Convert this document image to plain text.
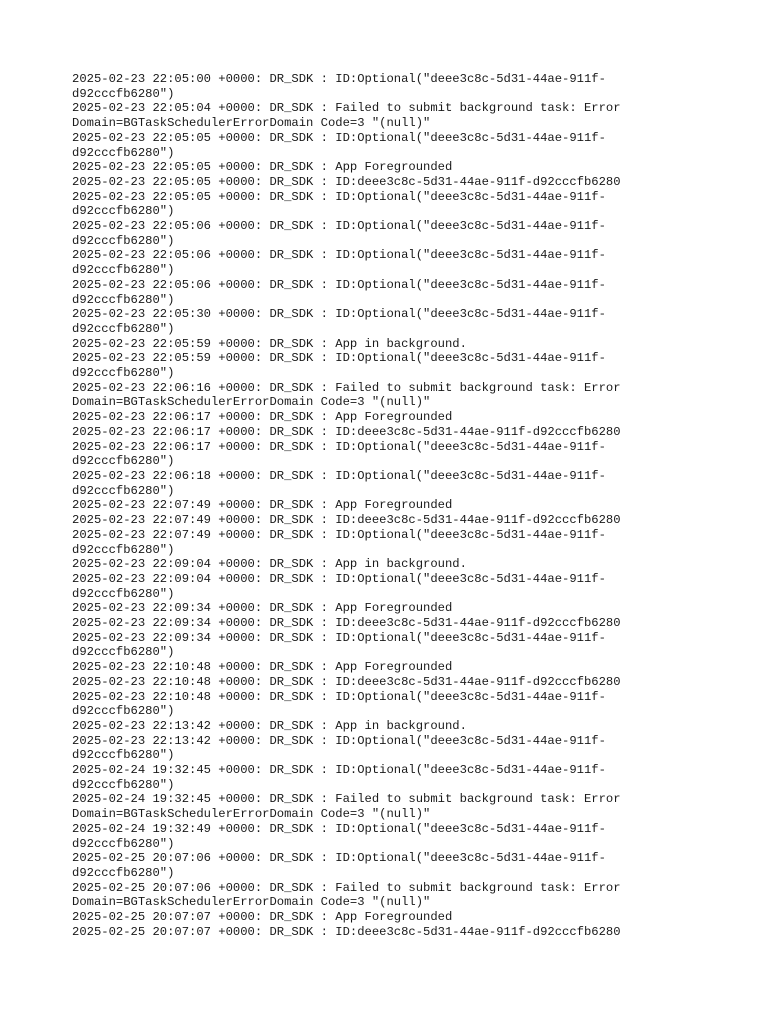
2025-02-23 22:05:00 +0000: DR_SDK : ID:Optional("deee3c8c-5d31-44ae-911f-
d92cccfb6280")
2025-02-23 22:05:04 +0000: DR_SDK : Failed to submit background task: Error
Domain=BGTaskSchedulerErrorDomain Code=3 "(null)"
2025-02-23 22:05:05 +0000: DR_SDK : ID:Optional("deee3c8c-5d31-44ae-911f-
d92cccfb6280")
2025-02-23 22:05:05 +0000: DR_SDK : App Foregrounded
2025-02-23 22:05:05 +0000: DR_SDK : ID:deee3c8c-5d31-44ae-911f-d92cccfb6280
2025-02-23 22:05:05 +0000: DR_SDK : ID:Optional("deee3c8c-5d31-44ae-911f-
d92cccfb6280")
2025-02-23 22:05:06 +0000: DR_SDK : ID:Optional("deee3c8c-5d31-44ae-911f-
d92cccfb6280")
2025-02-23 22:05:06 +0000: DR_SDK : ID:Optional("deee3c8c-5d31-44ae-911f-
d92cccfb6280")
2025-02-23 22:05:06 +0000: DR_SDK : ID:Optional("deee3c8c-5d31-44ae-911f-
d92cccfb6280")
2025-02-23 22:05:30 +0000: DR_SDK : ID:Optional("deee3c8c-5d31-44ae-911f-
d92cccfb6280")
2025-02-23 22:05:59 +0000: DR_SDK : App in background.
2025-02-23 22:05:59 +0000: DR_SDK : ID:Optional("deee3c8c-5d31-44ae-911f-
d92cccfb6280")
2025-02-23 22:06:16 +0000: DR_SDK : Failed to submit background task: Error
Domain=BGTaskSchedulerErrorDomain Code=3 "(null)"
2025-02-23 22:06:17 +0000: DR_SDK : App Foregrounded
2025-02-23 22:06:17 +0000: DR_SDK : ID:deee3c8c-5d31-44ae-911f-d92cccfb6280
2025-02-23 22:06:17 +0000: DR_SDK : ID:Optional("deee3c8c-5d31-44ae-911f-
d92cccfb6280")
2025-02-23 22:06:18 +0000: DR_SDK : ID:Optional("deee3c8c-5d31-44ae-911f-
d92cccfb6280")
2025-02-23 22:07:49 +0000: DR_SDK : App Foregrounded
2025-02-23 22:07:49 +0000: DR_SDK : ID:deee3c8c-5d31-44ae-911f-d92cccfb6280
2025-02-23 22:07:49 +0000: DR_SDK : ID:Optional("deee3c8c-5d31-44ae-911f-
d92cccfb6280")
2025-02-23 22:09:04 +0000: DR_SDK : App in background.
2025-02-23 22:09:04 +0000: DR_SDK : ID:Optional("deee3c8c-5d31-44ae-911f-
d92cccfb6280")
2025-02-23 22:09:34 +0000: DR_SDK : App Foregrounded
2025-02-23 22:09:34 +0000: DR_SDK : ID:deee3c8c-5d31-44ae-911f-d92cccfb6280
2025-02-23 22:09:34 +0000: DR_SDK : ID:Optional("deee3c8c-5d31-44ae-911f-
d92cccfb6280")
2025-02-23 22:10:48 +0000: DR_SDK : App Foregrounded
2025-02-23 22:10:48 +0000: DR_SDK : ID:deee3c8c-5d31-44ae-911f-d92cccfb6280
2025-02-23 22:10:48 +0000: DR_SDK : ID:Optional("deee3c8c-5d31-44ae-911f-
d92cccfb6280")
2025-02-23 22:13:42 +0000: DR_SDK : App in background.
2025-02-23 22:13:42 +0000: DR_SDK : ID:Optional("deee3c8c-5d31-44ae-911f-
d92cccfb6280")
2025-02-24 19:32:45 +0000: DR_SDK : ID:Optional("deee3c8c-5d31-44ae-911f-
d92cccfb6280")
2025-02-24 19:32:45 +0000: DR_SDK : Failed to submit background task: Error
Domain=BGTaskSchedulerErrorDomain Code=3 "(null)"
2025-02-24 19:32:49 +0000: DR_SDK : ID:Optional("deee3c8c-5d31-44ae-911f-
d92cccfb6280")
2025-02-25 20:07:06 +0000: DR_SDK : ID:Optional("deee3c8c-5d31-44ae-911f-
d92cccfb6280")
2025-02-25 20:07:06 +0000: DR_SDK : Failed to submit background task: Error
Domain=BGTaskSchedulerErrorDomain Code=3 "(null)"
2025-02-25 20:07:07 +0000: DR_SDK : App Foregrounded
2025-02-25 20:07:07 +0000: DR_SDK : ID:deee3c8c-5d31-44ae-911f-d92cccfb6280
